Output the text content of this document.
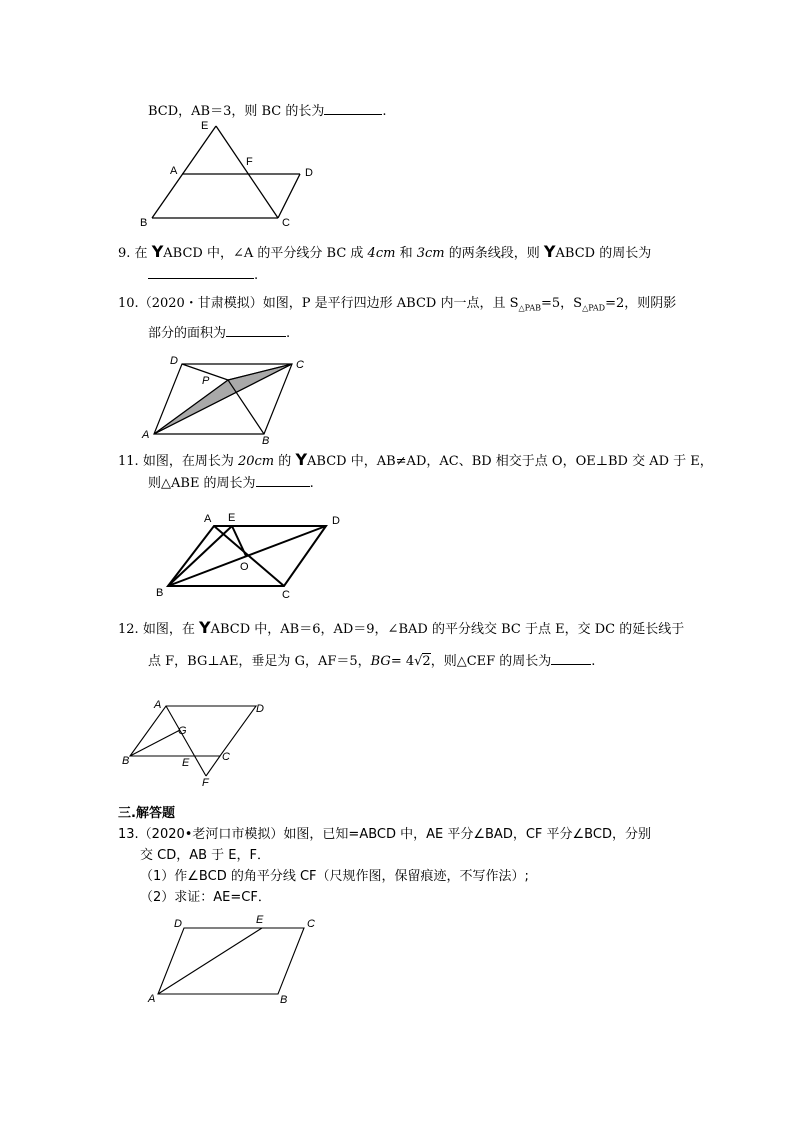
BCD，AB＝3，则 BC 的长为	.
E
F
A	D
B	C
9. 在 YABCD 中，∠A 的平分线分 BC 成 4cm 和 3cm 的两条线段，则 YABCD 的周长为
.
10.（2020・甘肃模拟）如图，P 是平行四边形 ABCD 内一点，且 $S_{\triangle PAB}=5$，$S_{\triangle PAD}=2$，则阴影
部分的面积为	.
D	C
P
A	B
11. 如图，在周长为 20cm 的 YABCD 中，AB≠AD，AC、BD 相交于点 O，OE⊥BD 交 AD 于 E，
则△ABE 的周长为	.
A E	D
O
B	C
12. 如图，在 YABCD 中，AB＝6，AD＝9，∠BAD 的平分线交 BC 于点 E，交 DC 的延长线于
点 F，BG⊥AE，垂足为 G，AF＝5，BG= 4√2，则△CEF 的周长为	.
A	D
G
B	E	C
F
三.解答题
13.（2020•老河口市模拟）如图，已知=ABCD 中，AE 平分∠BAD，CF 平分∠BCD，分别
交 CD，AB 于 E，F．
（1）作∠BCD 的角平分线 CF（尺规作图，保留痕迹，不写作法）;
（2）求证：AE=CF．
D	E	C
A	B
